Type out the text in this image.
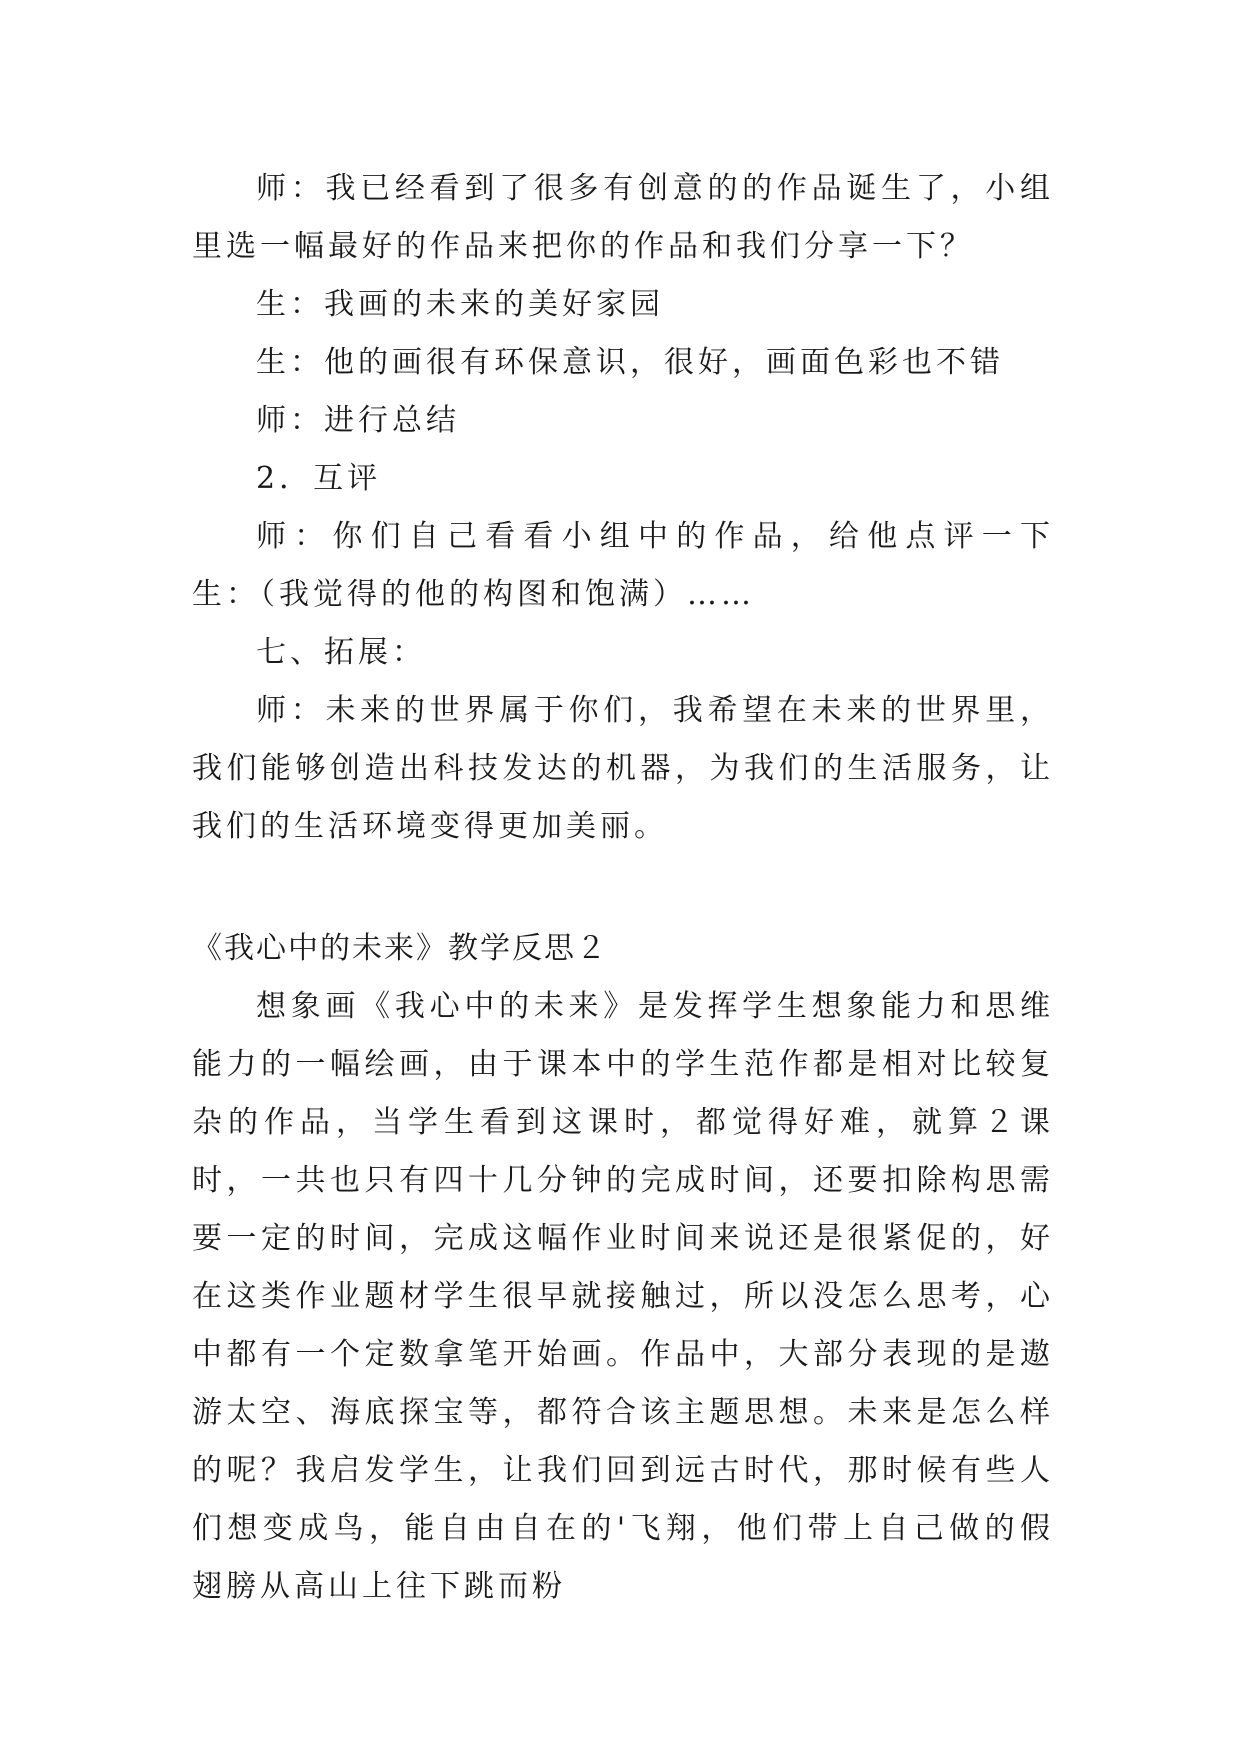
师：我已经看到了很多有创意的的作品诞生了，小组里选一幅最好的作品来把你的作品和我们分享一下？

生：我画的未来的美好家园

生：他的画很有环保意识，很好，画面色彩也不错

师：进行总结

2．互评

师：你们自己看看小组中的作品，给他点评一下　　生：（我觉得的他的构图和饱满）……

七、拓展：

师：未来的世界属于你们，我希望在未来的世界里，我们能够创造出科技发达的机器，为我们的生活服务，让我们的生活环境变得更加美丽。

《我心中的未来》教学反思２

想象画《我心中的未来》是发挥学生想象能力和思维能力的一幅绘画，由于课本中的学生范作都是相对比较复杂的作品，当学生看到这课时，都觉得好难，就算２课时，一共也只有四十几分钟的完成时间，还要扣除构思需要一定的时间，完成这幅作业时间来说还是很紧促的，好在这类作业题材学生很早就接触过，所以没怎么思考，心中都有一个定数拿笔开始画。作品中，大部分表现的是遨游太空、海底探宝等，都符合该主题思想。未来是怎么样的呢？我启发学生，让我们回到远古时代，那时候有些人们想变成鸟，能自由自在的'飞翔，他们带上自己做的假翅膀从高山上往下跳而粉
